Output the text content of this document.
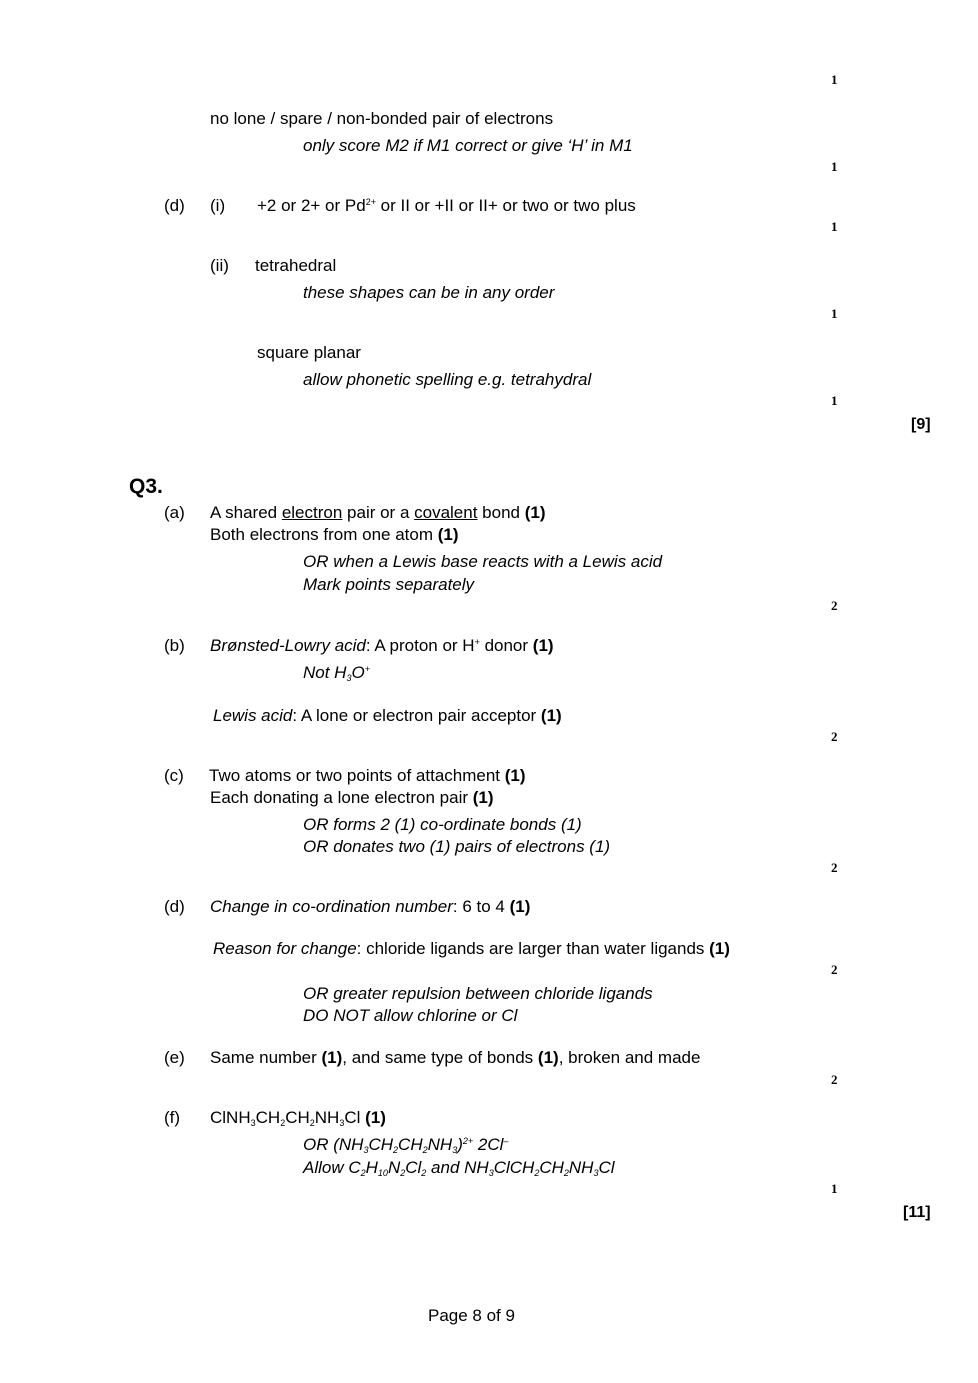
1
no lone / spare / non-bonded pair of electrons
only score M2 if M1 correct or give ‘H’ in M1
1
(d) (i) +2 or 2+ or $Pd^{2+}$ or II or +II or II+ or two or two plus
1
(ii) tetrahedral
these shapes can be in any order
1
square planar
allow phonetic spelling e.g. tetrahydral
1
[9]
Q3.
(a) A shared electron pair or a covalent bond (1)
Both electrons from one atom (1)
OR when a Lewis base reacts with a Lewis acid
Mark points separately
2
(b) Brønsted-Lowry acid: A proton or H+ donor (1)
Not $H_3O^+$
Lewis acid: A lone or electron pair acceptor (1)
2
(c) Two atoms or two points of attachment (1)
Each donating a lone electron pair (1)
OR forms 2 (1) co-ordinate bonds (1)
OR donates two (1) pairs of electrons (1)
2
(d) Change in co-ordination number: 6 to 4 (1)
Reason for change: chloride ligands are larger than water ligands (1)
2
OR greater repulsion between chloride ligands
DO NOT allow chlorine or Cl
(e) Same number (1), and same type of bonds (1), broken and made
2
(f) $ClNH_3CH_2CH_2NH_3Cl$ (1)
OR $(NH_3CH_2CH_2NH_3)^{2+}$ 2Cl–
Allow $C_2H_{10}N_2Cl_2$ and $NH_3ClCH_2CH_2NH_3Cl$
1
[11]
Page 8 of 9
